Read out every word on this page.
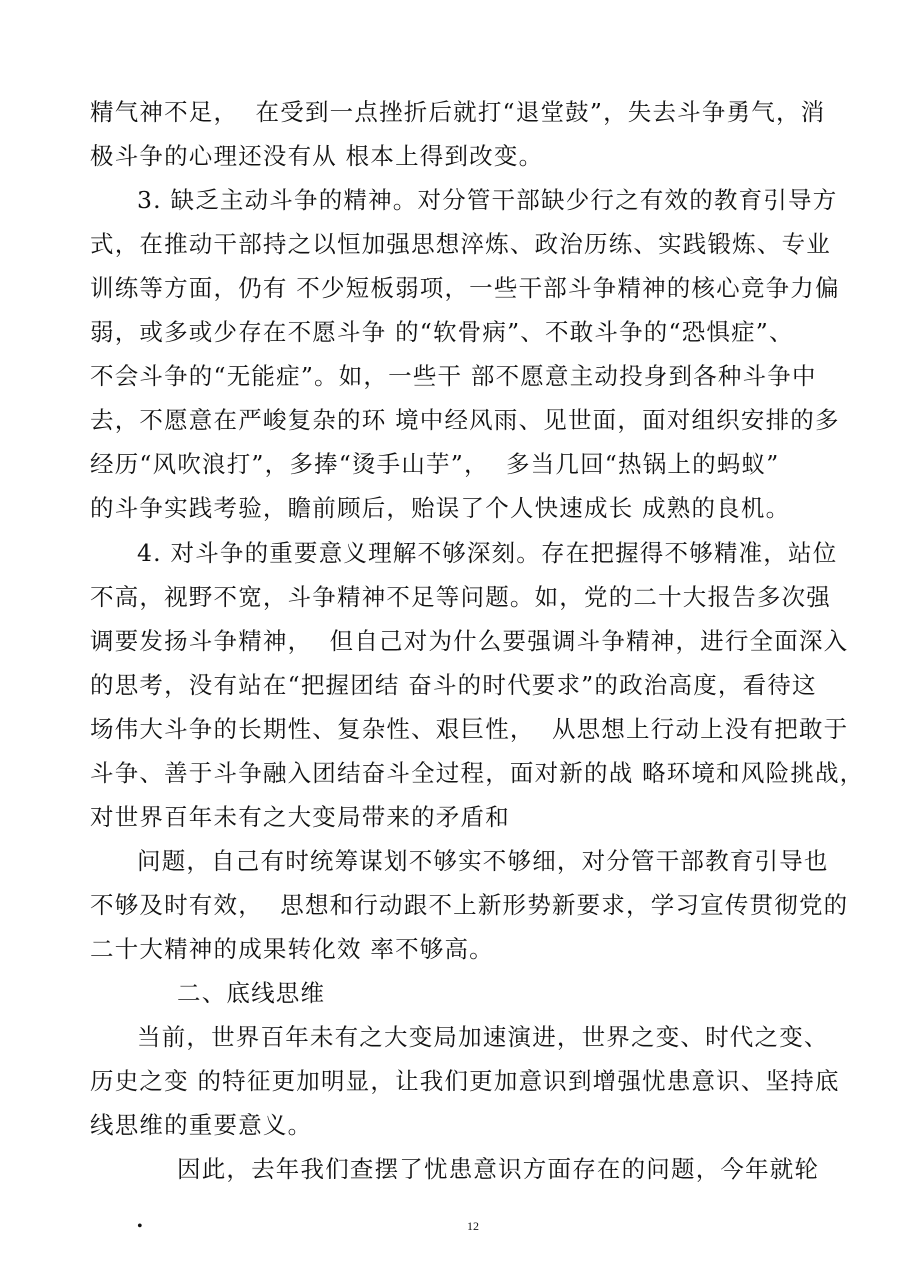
精气神不足，  在受到一点挫折后就打“退堂鼓”，失去斗争勇气，消
极斗争的心理还没有从 根本上得到改变。
3. 缺乏主动斗争的精神。对分管干部缺少行之有效的教育引导方
式，在推动干部持之以恒加强思想淬炼、政治历练、实践锻炼、专业
训练等方面，仍有 不少短板弱项，一些干部斗争精神的核心竞争力偏
弱，或多或少存在不愿斗争 的“软骨病”、不敢斗争的“恐惧症”、
不会斗争的“无能症”。如，一些干 部不愿意主动投身到各种斗争中
去，不愿意在严峻复杂的环 境中经风雨、见世面，面对组织安排的多
经历“风吹浪打”，多捧“烫手山芋”，  多当几回“热锅上的蚂蚁”
的斗争实践考验，瞻前顾后，贻误了个人快速成长 成熟的良机。
4. 对斗争的重要意义理解不够深刻。存在把握得不够精准，站位
不高，视野不宽，斗争精神不足等问题。如，党的二十大报告多次强
调要发扬斗争精神，  但自己对为什么要强调斗争精神，进行全面深入
的思考，没有站在“把握团结 奋斗的时代要求”的政治高度，看待这
场伟大斗争的长期性、复杂性、艰巨性，  从思想上行动上没有把敢于
斗争、善于斗争融入团结奋斗全过程，面对新的战 略环境和风险挑战，
对世界百年未有之大变局带来的矛盾和
问题，自己有时统筹谋划不够实不够细，对分管干部教育引导也
不够及时有效，  思想和行动跟不上新形势新要求，学习宣传贯彻党的
二十大精神的成果转化效 率不够高。
二、底线思维
当前，世界百年未有之大变局加速演进，世界之变、时代之变、
历史之变 的特征更加明显，让我们更加意识到增强忧患意识、坚持底
线思维的重要意义。
因此，去年我们查摆了忧患意识方面存在的问题，今年就轮
•	12
